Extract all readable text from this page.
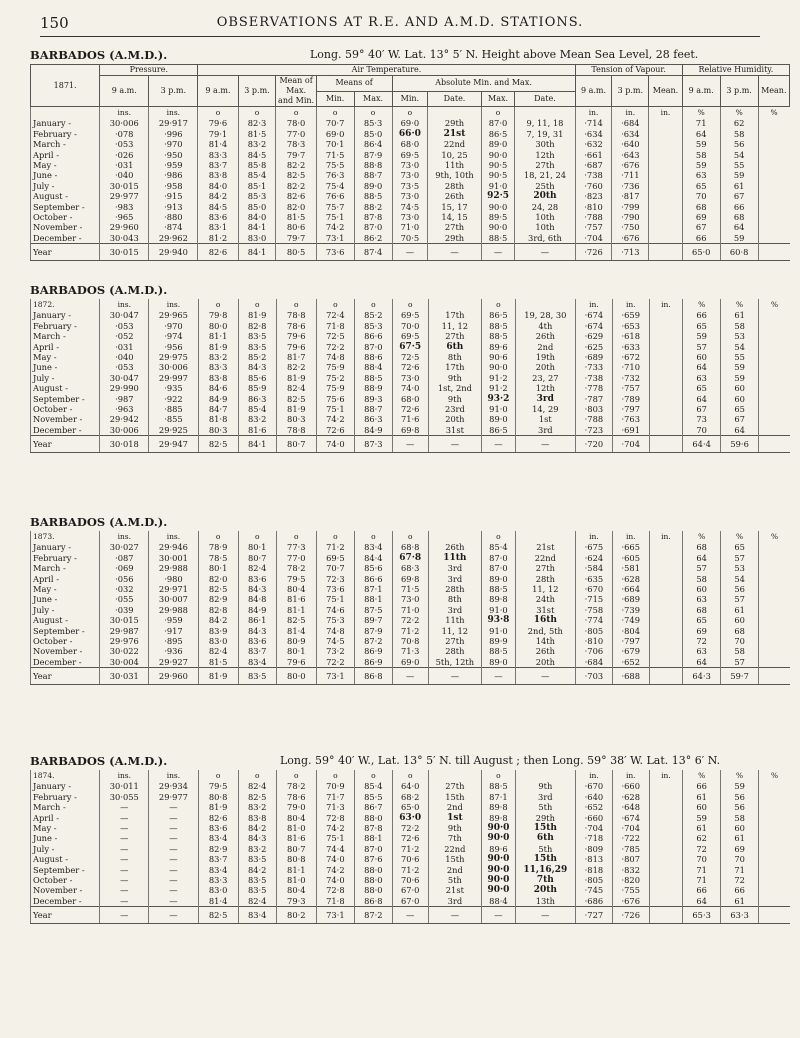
150	OBSERVATIONS AT R.E. AND A.M.D. STATIONS.
BARBADOS (A.M.D.).	Long. 59° 40′ W. Lat. 13° 5′ N. Height above Mean Sea Level, 28 feet.
1871.	Pressure.		Air Temperature.									Tension of Vapour.			Relative Humidity.		
	9 a.m.	3 p.m.	9 a.m.	3 p.m.	Mean of Max. and Min.	Means of		Absolute Min. and Max.				9 a.m.	3 p.m.	Mean.	9 a.m.	3 p.m.	Mean.
						Min.	Max.	Min.	Date.	Max.	Date.						
	ins.	ins.	o	o	o	o	o	o		o		in.	in.	in.	%	%	%
January -	30·006	29·917	79·6	82·3	78·0	70·7	85·3	69·0	29th	87·0	9, 11, 18	·714	·684		71	62	
February -	·078	·996	79·1	81·5	77·0	69·0	85·0	66·0	21st	86·5	7, 19, 31	·634	·634		64	58	
March -	·053	·970	81·4	83·2	78·3	70·1	86·4	68·0	22nd	89·0	30th	·632	·640		59	56	
April -	·026	·950	83·3	84·5	79·7	71·5	87·9	69·5	10, 25	90·0	12th	·661	·643		58	54	
May -	·031	·959	83·7	85·8	82·2	75·5	88·8	73·0	11th	90·5	27th	·687	·676		59	55	
June -	·040	·986	83·8	85·4	82·5	76·3	88·7	73·0	9th, 10th	90·5	18, 21, 24	·738	·711		63	59	
July -	30·015	·958	84·0	85·1	82·2	75·4	89·0	73·5	28th	91·0	25th	·760	·736		65	61	
August -	29·977	·915	84·2	85·3	82·6	76·6	88·5	73·0	26th	92·5	20th	·823	·817		70	67	
September -	·983	·913	84·5	85·0	82·0	75·7	88·2	74·5	15, 17	90·0	24, 28	·810	·799		68	66	
October -	·965	·880	83·6	84·0	81·5	75·1	87·8	73·0	14, 15	89·5	10th	·788	·790		69	68	
November -	29·960	·874	83·1	84·1	80·6	74·2	87·0	71·0	27th	90·0	10th	·757	·750		67	64	
December -	30·043	29·962	81·2	83·0	79·7	73·1	86·2	70·5	29th	88·5	3rd, 6th	·704	·676		66	59	
Year	30·015	29·940	82·6	84·1	80·5	73·6	87·4	—	—	—	—	·726	·713		65·0	60·8	
BARBADOS (A.M.D.).
1872.	ins.	ins.	o	o	o	o	o	o		o		in.	in.	in.	%	%	%
January -	30·047	29·965	79·8	81·9	78·8	72·4	85·2	69·5	17th	86·5	19, 28, 30	·674	·659		66	61	
February -	·053	·970	80·0	82·8	78·6	71·8	85·3	70·0	11, 12	88·5	4th	·674	·653		65	58	
March -	·052	·974	81·1	83·5	79·6	72·5	86·6	69·5	27th	88·5	26th	·629	·618		59	53	
April -	·031	·956	81·9	83·5	79·6	72·2	87·0	67·5	6th	89·6	2nd	·625	·633		57	54	
May -	·040	29·975	83·2	85·2	81·7	74·8	88·6	72·5	8th	90·6	19th	·689	·672		60	55	
June -	·053	30·006	83·3	84·3	82·2	75·9	88·4	72·6	17th	90·0	20th	·733	·710		64	59	
July -	30·047	29·997	83·8	85·6	81·9	75·2	88·5	73·0	9th	91·2	23, 27	·738	·732		63	59	
August -	29·990	·935	84·6	85·9	82·4	75·9	88·9	74·0	1st, 2nd	91·2	12th	·778	·757		65	60	
September -	·987	·922	84·9	86·3	82·5	75·6	89·3	68·0	9th	93·2	3rd	·787	·789		64	60	
October -	·963	·885	84·7	85·4	81·9	75·1	88·7	72·6	23rd	91·0	14, 29	·803	·797		67	65	
November -	29·942	·855	81·8	83·2	80·3	74·2	86·3	71·6	20th	89·0	1st	·788	·763		73	67	
December -	30·006	29·925	80·3	81·6	78·8	72·6	84·9	69·8	31st	86·5	3rd	·723	·691		70	64	
Year	30·018	29·947	82·5	84·1	80·7	74·0	87·3	—	—	—	—	·720	·704		64·4	59·6	
BARBADOS (A.M.D.).
1873.	ins.	ins.	o	o	o	o	o	o		o		in.	in.	in.	%	%	%
January -	30·027	29·946	78·9	80·1	77·3	71·2	83·4	68·8	26th	85·4	21st	·675	·665		68	65	
February -	·087	30·001	78·5	80·7	77·0	69·5	84·4	67·8	11th	87·0	22nd	·624	·605		64	57	
March -	·069	29·988	80·1	82·4	78·2	70·7	85·6	68·3	3rd	87·0	27th	·584	·581		57	53	
April -	·056	·980	82·0	83·6	79·5	72·3	86·6	69·8	3rd	89·0	28th	·635	·628		58	54	
May -	·032	29·971	82·5	84·3	80·4	73·6	87·1	71·5	28th	88·5	11, 12	·670	·664		60	56	
June -	·055	30·007	82·9	84·8	81·6	75·1	88·1	73·0	8th	89·8	24th	·715	·689		63	57	
July -	·039	29·988	82·8	84·9	81·1	74·6	87·5	71·0	3rd	91·0	31st	·758	·739		68	61	
August -	30·015	·959	84·2	86·1	82·5	75·3	89·7	72·2	11th	93·8	16th	·774	·749		65	60	
September -	29·987	·917	83·9	84·3	81·4	74·8	87·9	71·2	11, 12	91·0	2nd, 5th	·805	·804		69	68	
October -	29·976	·895	83·0	83·6	80·9	74·5	87·2	70·8	27th	89·9	14th	·810	·797		72	70	
November -	30·022	·936	82·4	83·7	80·1	73·2	86·9	71·3	28th	88·5	26th	·706	·679		63	58	
December -	30·004	29·927	81·5	83·4	79·6	72·2	86·9	69·0	5th, 12th	89·0	20th	·684	·652		64	57	
Year	30·031	29·960	81·9	83·5	80·0	73·1	86·8	—	—	—	—	·703	·688		64·3	59·7	
BARBADOS (A.M.D.).	Long. 59° 40′ W., Lat. 13° 5′ N. till August ; then Long. 59° 38′ W. Lat. 13° 6′ N.
1874.	ins.	ins.	o	o	o	o	o	o		o		in.	in.	in.	%	%	%
January -	30·011	29·934	79·5	82·4	78·2	70·9	85·4	64·0	27th	88·5	9th	·670	·660		66	59	
February -	30·055	29·977	80·8	82·5	78·6	71·7	85·5	68·2	15th	87·1	3rd	·640	·628		61	56	
March -	—	—	81·9	83·2	79·0	71·3	86·7	65·0	2nd	89·8	5th	·652	·648		60	56	
April -	—	—	82·6	83·8	80·4	72·8	88·0	63·0	1st	89·8	29th	·660	·674		59	58	
May -	—	—	83·6	84·2	81·0	74·2	87·8	72·2	9th	90·0	15th	·704	·704		61	60	
June -	—	—	83·4	84·3	81·6	75·1	88·1	72·6	7th	90·0	6th	·718	·722		62	61	
July -	—	—	82·9	83·2	80·7	74·4	87·0	71·2	22nd	89·6	5th	·809	·785		72	69	
August -	—	—	83·7	83·5	80·8	74·0	87·6	70·6	15th	90·0	15th	·813	·807		70	70	
September -	—	—	83·4	84·2	81·1	74·2	88·0	71·2	2nd	90·0	11,16,29	·818	·832		71	71	
October -	—	—	83·3	83·5	81·0	74·0	88·0	70·6	5th	90·0	7th	·805	·820		71	72	
November -	—	—	83·0	83·5	80·4	72·8	88·0	67·0	21st	90·0	20th	·745	·755		66	66	
December -	—	—	81·4	82·4	79·3	71·8	86·8	67·0	3rd	88·4	13th	·686	·676		64	61	
Year	—	—	82·5	83·4	80·2	73·1	87·2	—	—	—	—	·727	·726		65·3	63·3	
